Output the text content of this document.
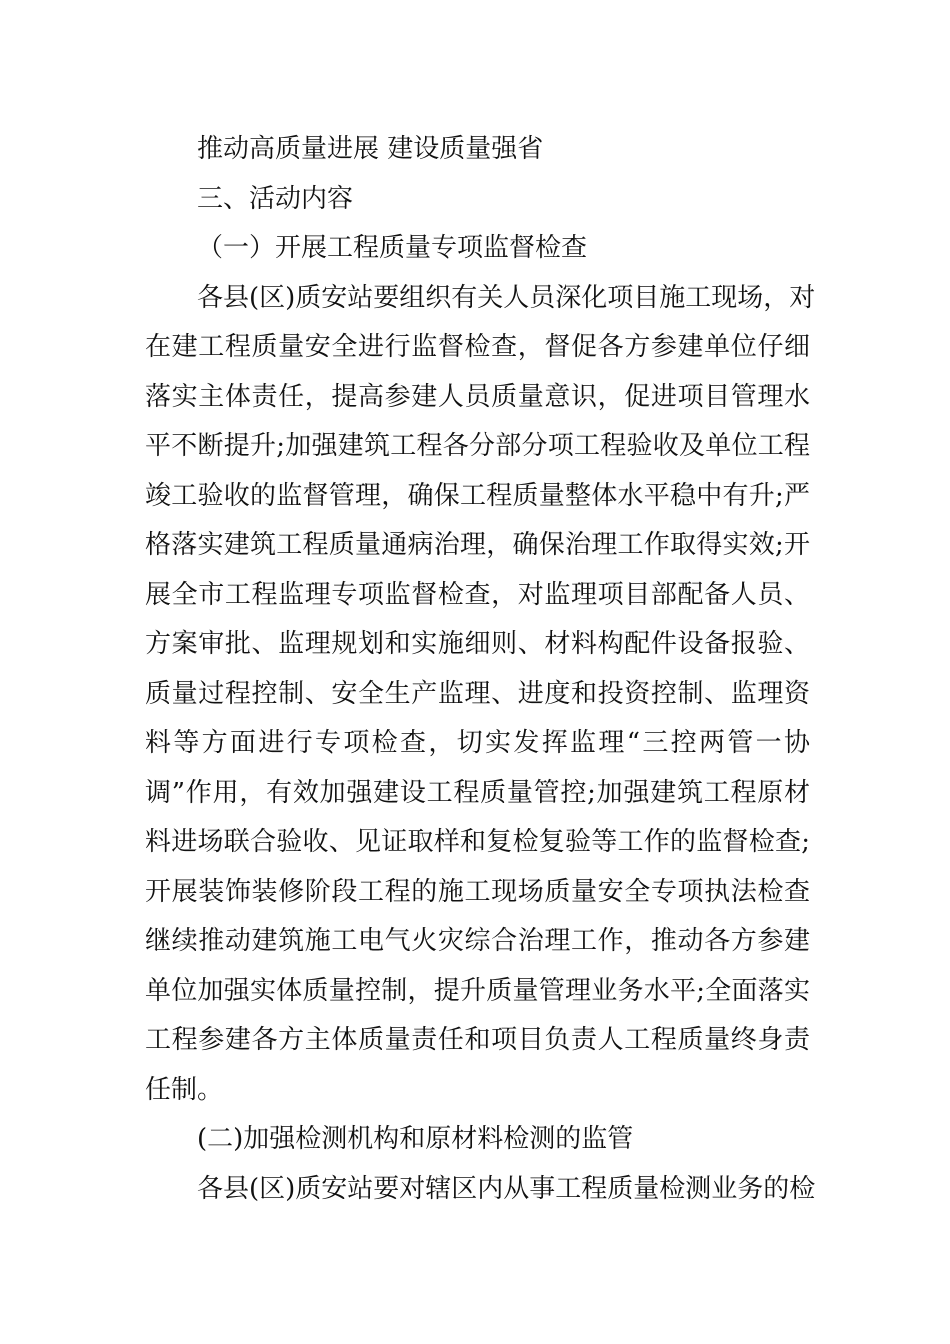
推动高质量进展 建设质量强省
三、活动内容
（一）开展工程质量专项监督检查
各县(区)质安站要组织有关人员深化项目施工现场，对
在建工程质量安全进行监督检查，督促各方参建单位仔细
落实主体责任，提高参建人员质量意识，促进项目管理水
平不断提升;加强建筑工程各分部分项工程验收及单位工程
竣工验收的监督管理，确保工程质量整体水平稳中有升;严
格落实建筑工程质量通病治理，确保治理工作取得实效;开
展全市工程监理专项监督检查，对监理项目部配备人员、
方案审批、监理规划和实施细则、材料构配件设备报验、
质量过程控制、安全生产监理、进度和投资控制、监理资
料等方面进行专项检查，切实发挥监理“三控两管一协
调”作用，有效加强建设工程质量管控;加强建筑工程原材
料进场联合验收、见证取样和复检复验等工作的监督检查;
开展装饰装修阶段工程的施工现场质量安全专项执法检查
继续推动建筑施工电气火灾综合治理工作，推动各方参建
单位加强实体质量控制，提升质量管理业务水平;全面落实
工程参建各方主体质量责任和项目负责人工程质量终身责
任制。
(二)加强检测机构和原材料检测的监管
各县(区)质安站要对辖区内从事工程质量检测业务的检
